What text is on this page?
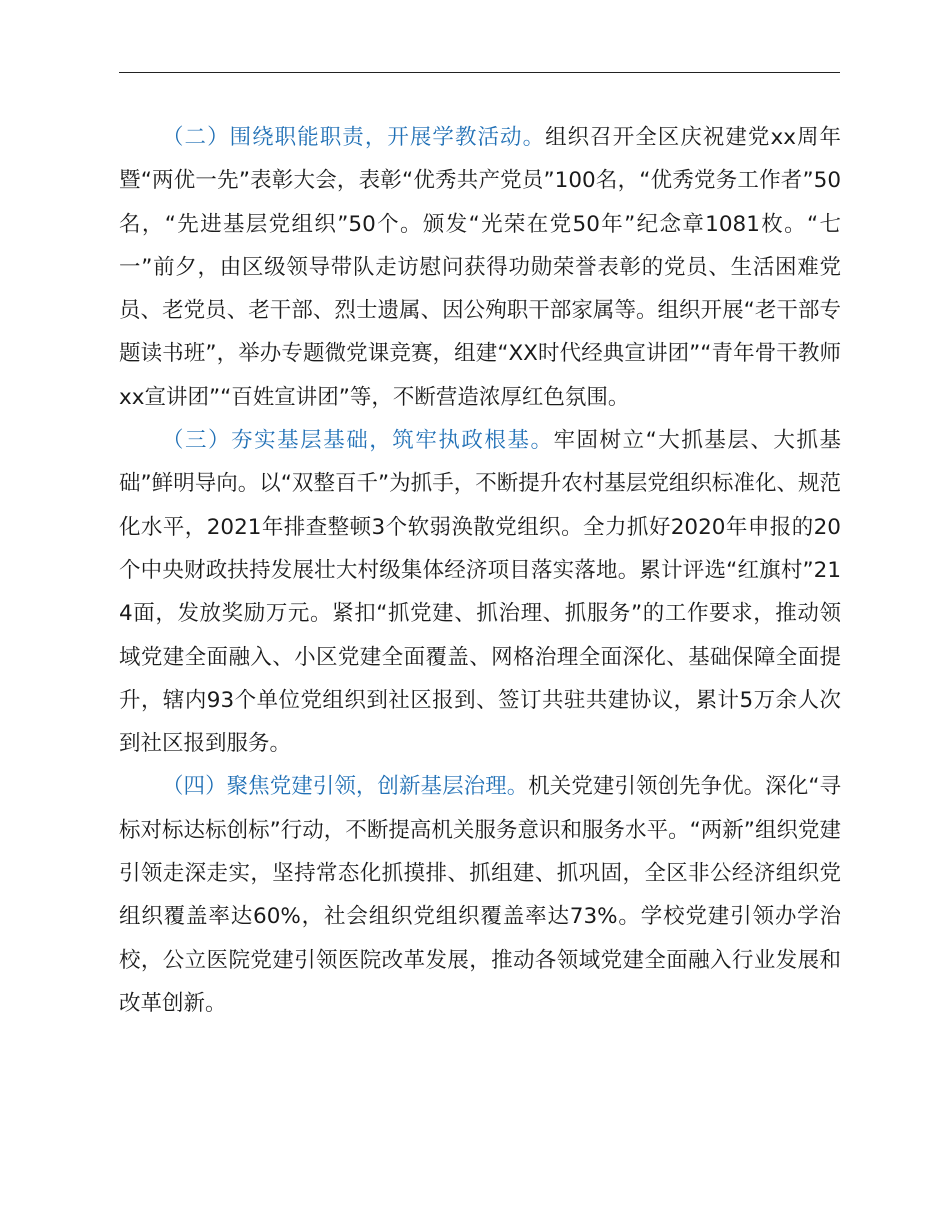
（二）围绕职能职责，开展学教活动。组织召开全区庆祝建党xx周年暨“两优一先”表彰大会，表彰“优秀共产党员”100名，“优秀党务工作者”50名，“先进基层党组织”50个。颁发“光荣在党50年”纪念章1081枚。“七一”前夕，由区级领导带队走访慰问获得功勋荣誉表彰的党员、生活困难党员、老党员、老干部、烈士遗属、因公殉职干部家属等。组织开展“老干部专题读书班”，举办专题微党课竞赛，组建“XX时代经典宣讲团”“青年骨干教师xx宣讲团”“百姓宣讲团”等，不断营造浓厚红色氛围。

（三）夯实基层基础，筑牢执政根基。牢固树立“大抓基层、大抓基础”鲜明导向。以“双整百千”为抓手，不断提升农村基层党组织标准化、规范化水平，2021年排查整顿3个软弱涣散党组织。全力抓好2020年申报的20个中央财政扶持发展壮大村级集体经济项目落实落地。累计评选“红旗村”214面，发放奖励万元。紧扣“抓党建、抓治理、抓服务”的工作要求，推动领域党建全面融入、小区党建全面覆盖、网格治理全面深化、基础保障全面提升，辖内93个单位党组织到社区报到、签订共驻共建协议，累计5万余人次到社区报到服务。

（四）聚焦党建引领，创新基层治理。机关党建引领创先争优。深化“寻标对标达标创标”行动，不断提高机关服务意识和服务水平。“两新”组织党建引领走深走实，坚持常态化抓摸排、抓组建、抓巩固，全区非公经济组织党组织覆盖率达60%，社会组织党组织覆盖率达73%。学校党建引领办学治校，公立医院党建引领医院改革发展，推动各领域党建全面融入行业发展和改革创新。
